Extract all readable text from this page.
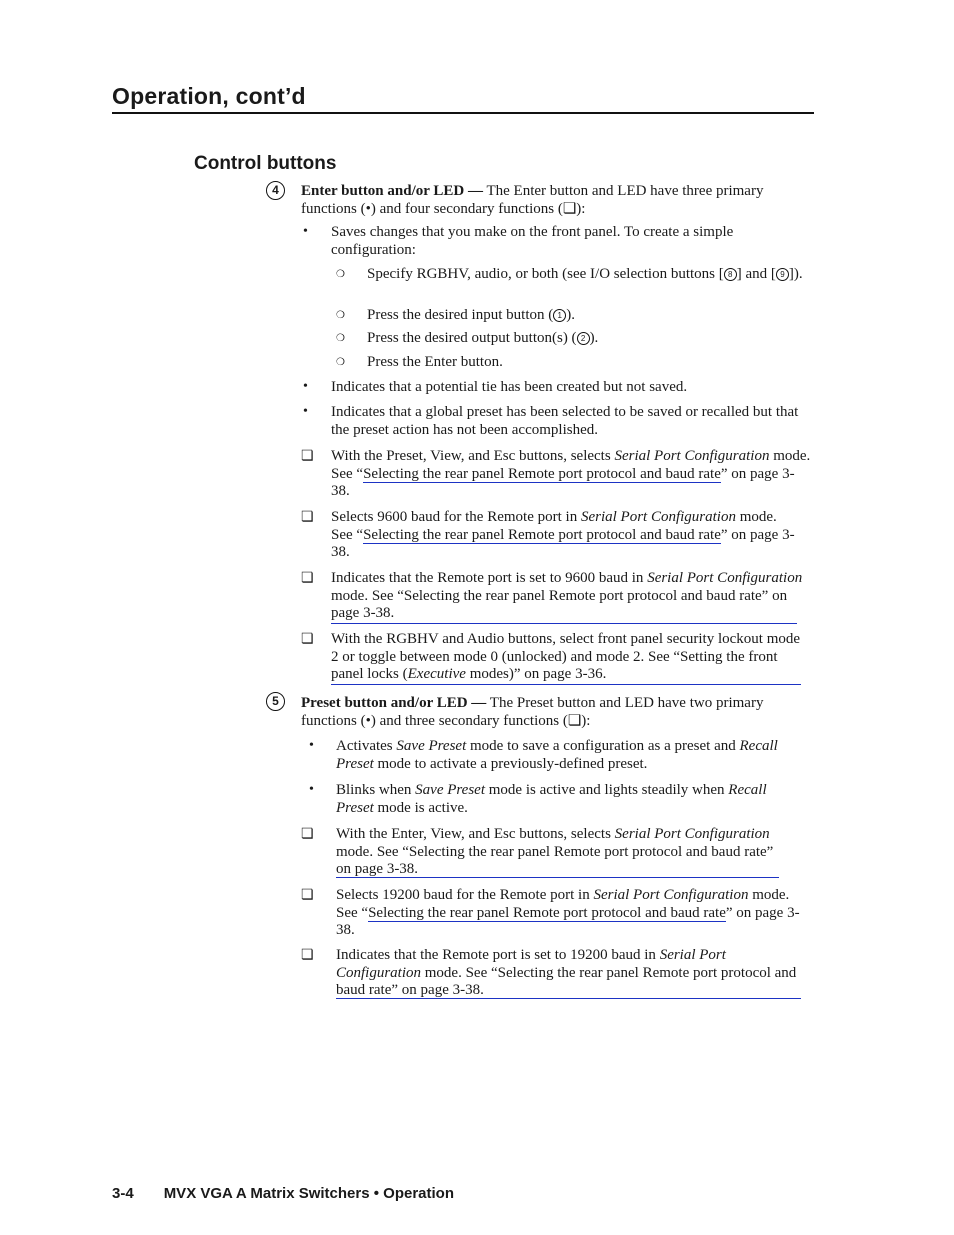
Operation, cont’d
Control buttons
4	Enter button and/or LED — The Enter button and LED have three primary functions (•) and four secondary functions (❏):
• Saves changes that you make on the front panel. To create a simple configuration:
❍ Specify RGBHV, audio, or both (see I/O selection buttons [ 8 ] and [ 9 ]).
❍ Press the desired input button ( 1 ).
❍ Press the desired output button(s) ( 2 ).
❍ Press the Enter button.
• Indicates that a potential tie has been created but not saved.
• Indicates that a global preset has been selected to be saved or recalled but that the preset action has not been accomplished.
❏ With the Preset, View, and Esc buttons, selects Serial Port Configuration mode. See “Selecting the rear panel Remote port protocol and baud rate” on page 3-38.
❏ Selects 9600 baud for the Remote port in Serial Port Configuration mode. See “Selecting the rear panel Remote port protocol and baud rate” on page 3-38.
❏ Indicates that the Remote port is set to 9600 baud in Serial Port Configuration mode. See “Selecting the rear panel Remote port protocol and baud rate” on page 3-38.
❏ With the RGBHV and Audio buttons, select front panel security lockout mode 2 or toggle between mode 0 (unlocked) and mode 2. See “Setting the front panel locks (Executive modes)” on page 3-36.
5	Preset button and/or LED — The Preset button and LED have two primary functions (•) and three secondary functions (❏):
• Activates Save Preset mode to save a configuration as a preset and Recall Preset mode to activate a previously-defined preset.
• Blinks when Save Preset mode is active and lights steadily when Recall Preset mode is active.
❏ With the Enter, View, and Esc buttons, selects Serial Port Configuration mode. See “Selecting the rear panel Remote port protocol and baud rate” on page 3-38.
❏ Selects 19200 baud for the Remote port in Serial Port Configuration mode. See “Selecting the rear panel Remote port protocol and baud rate” on page 3-38.
❏ Indicates that the Remote port is set to 19200 baud in Serial Port Configuration mode. See “Selecting the rear panel Remote port protocol and baud rate” on page 3-38.
3-4 MVX VGA A Matrix Switchers • Operation
